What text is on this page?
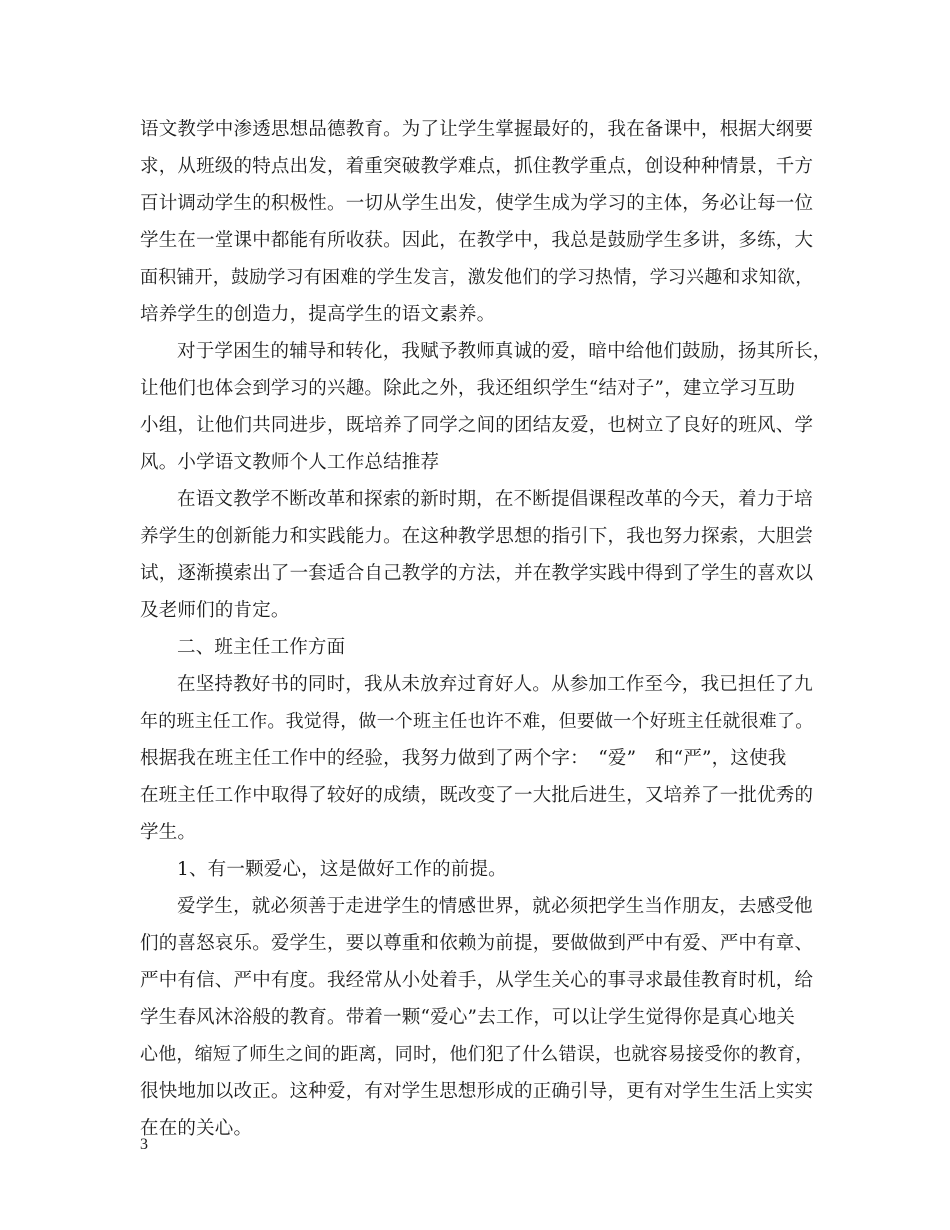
语文教学中渗透思想品德教育。为了让学生掌握最好的，我在备课中，根据大纲要
求，从班级的特点出发，着重突破教学难点，抓住教学重点，创设种种情景，千方
百计调动学生的积极性。一切从学生出发，使学生成为学习的主体，务必让每一位
学生在一堂课中都能有所收获。因此，在教学中，我总是鼓励学生多讲，多练，大
面积铺开，鼓励学习有困难的学生发言，激发他们的学习热情，学习兴趣和求知欲，
培养学生的创造力，提高学生的语文素养。
对于学困生的辅导和转化，我赋予教师真诚的爱，暗中给他们鼓励，扬其所长，
让他们也体会到学习的兴趣。除此之外，我还组织学生“结对子”，建立学习互助
小组，让他们共同进步，既培养了同学之间的团结友爱，也树立了良好的班风、学
风。小学语文教师个人工作总结推荐
在语文教学不断改革和探索的新时期，在不断提倡课程改革的今天，着力于培
养学生的创新能力和实践能力。在这种教学思想的指引下，我也努力探索，大胆尝
试，逐渐摸索出了一套适合自己教学的方法，并在教学实践中得到了学生的喜欢以
及老师们的肯定。
二、班主任工作方面
在坚持教好书的同时，我从未放弃过育好人。从参加工作至今，我已担任了九
年的班主任工作。我觉得，做一个班主任也许不难，但要做一个好班主任就很难了。
根据我在班主任工作中的经验，我努力做到了两个字：　“爱”　和“严”，这使我
在班主任工作中取得了较好的成绩，既改变了一大批后进生，又培养了一批优秀的
学生。
1、有一颗爱心，这是做好工作的前提。
爱学生，就必须善于走进学生的情感世界，就必须把学生当作朋友，去感受他
们的喜怒哀乐。爱学生，要以尊重和依赖为前提，要做做到严中有爱、严中有章、
严中有信、严中有度。我经常从小处着手，从学生关心的事寻求最佳教育时机，给
学生春风沐浴般的教育。带着一颗“爱心”去工作，可以让学生觉得你是真心地关
心他，缩短了师生之间的距离，同时，他们犯了什么错误，也就容易接受你的教育，
很快地加以改正。这种爱，有对学生思想形成的正确引导，更有对学生生活上实实
在在的关心。
3
